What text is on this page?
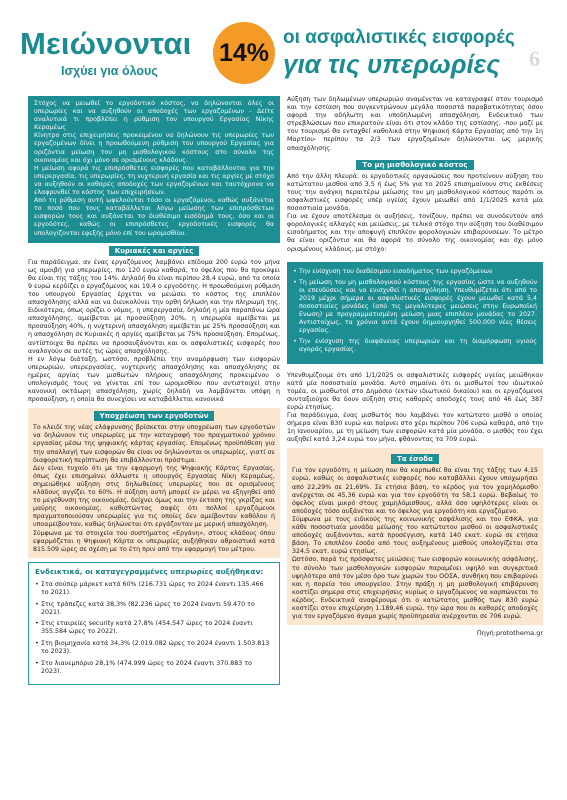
Μειώνονται
Ισχύει για όλους
14%
οι ασφαλιστικές εισφορές
για τις υπερωρίες 6

Στόχος να μειωθεί το εργοδοτικό κόστος, να δηλώνονται όλες οι υπερωρίες και να αυξηθούν οι αποδοχές των εργαζομένων - Δείτε αναλυτικά τι προβλέπει η ρύθμιση του υπουργού Εργασίας Νίκης Κεραμέως

Κίνητρο στις επιχειρήσεις προκειμένου να δηλώνουν τις υπερωρίες των εργαζομένων δίνει η προωθούμενη ρύθμιση του υπουργού Εργασίας για οριζόντια μείωση του μη μισθολογικού κόστους στο σύνολο της οικονομίας και όχι μόνο σε ορισμένους κλάδους.

Η μείωση αφορά τις επιπρόσθετες εισφορές που καταβάλλονται για την υπερεργασία, τις υπερωρίες, τη νυχτερινή εργασία και τις αργίες με στόχο να αυξηθούν οι καθαρές αποδοχές των εργαζομένων και ταυτόχρονα να ελαφρυνθεί το κόστος των επιχειρήσεων.

Από τη ρύθμιση αυτή ωφελούνται τόσο οι εργαζόμενοι, καθώς αυξάνεται το ποσό που τους καταβάλλεται λόγω μείωσης των επιπρόσθετων εισφορών τους και αυξάνεται το διαθέσιμο εισόδημά τους, όσο και οι εργοδότες, καθώς οι επιπρόσθετες εργοδοτικές εισφορές θα υπολογίζονται εφεξής μόνο επί του ωρομισθίου.

Κυριακές και αργίες

Για παράδειγμα, αν ένας εργαζόμενος λαμβάνει επίδομα 200 ευρώ τον μήνα ως αμοιβή για υπερωρίες, πιο 120 ευρώ καθαρά, το όφελος που θα προκύψει θα είναι της τάξης του 14%. Δηλαδή θα είναι περίπου 28,4 ευρώ, από τα οποία 9 ευρώ κερδίζει ο εργαζόμενος και 19,4 ο εργοδότης. Η προωθούμενη ρύθμιση του υπουργού Εργασίας έρχεται να μειώσει το κόστος της επιπλέον απασχόλησης αλλά και να διευκολύνει την ορθή δήλωση και την πληρωμή της. Ειδικότερα, όπως ορίζει ο νόμος, η υπερεργασία, δηλαδή η μία παραπάνω ώρα απασχόλησης, αμείβεται με προσαύξηση 20%, η υπερωρία αμείβεται με προσαύξηση 40%, η νυχτερινή απασχόληση αμείβεται με 25% προσαύξηση και η απασχόληση σε Κυριακές ή αργίες αμείβεται με 75% προσαύξηση. Επομένως, αντίστοιχα θα πρέπει να προσαυξάνονται και οι ασφαλιστικές εισφορές που αναλογούν σε αυτές τις ώρες απασχόλησης.

Η εν λόγω διάταξη, ωστόσο, προβλέπει την αναμόρφωση των εισφορών υπερωριών, υπερεργασίας, νυχτερινής απασχόλησης και απασχόλησης σε ημέρες αργίας των μισθωτών πλήρους απασχόλησης προκειμένου ο υπολογισμός τους να γίνεται επί του ωρομισθίου που αντιστοιχεί στην κανονική οκτάωρη απασχόληση, χωρίς δηλαδή να λαμβάνεται υπόψη η προσαύξηση, η οποία θα συνεχίσει να καταβάλλεται κανονικά

Υποχρέωση των εργοδοτών

Το κλειδί της νέας ελάφρυνσης βρίσκεται στην υποχρέωση των εργοδοτών να δηλώνουν τις υπερωρίες με την καταγραφή του πραγματικού χρόνου εργασίας μέσω της ψηφιακής κάρτας εργασίας. Επομένως προϋπόθεση για την απαλλαγή των εισφορών θα είναι να δηλώνονται οι υπερωρίες, γιατί σε διαφορετική περίπτωση θα επιβάλλονται πρόστιμα.

Δεν είναι τυχαίο ότι με την εφαρμογή της Ψηφιακής Κάρτας Εργασίας, όπως έχει επισημάνει άλλωστε η υπουργός Εργασίας Νίκη Κεραμέως, σημειώθηκε αύξηση στις δηλωθείσες υπερωρίες που σε ορισμένους κλάδους αγγίζει το 60%. Η αύξηση αυτή μπορεί εν μέρει να εξηγηθεί από το μεγέθυνση της οικονομίας, δείχνει όμως και την έκταση της γκρίζας και μαύρης οικονομίας, καθιστώντας σαφές ότι πολλοί εργαζόμενοι πραγματοποιούσαν υπερωρίες για τις οποίες δεν αμείβονταν καθόλου ή υποαμείβονταν, καθώς δηλώνεται ότι εργάζονταν με μερική απασχόληση.

Σύμφωνα με τα στοιχεία του συστήματος «Εργάνη», στους κλάδους όπου εφαρμόζεται η Ψηφιακή Κάρτα οι υπερωρίες αυξήθηκαν αθροιστικά κατά 815.509 ώρες σε σχέση με το έτη πριν από την εφαρμογή του μέτρου.

Ενδεικτικά, οι καταγεγραμμένες υπερωρίες αυξήθηκαν:
• Στα σούπερ μάρκετ κατά 60% (216.731 ώρες το 2024 έναντι 135.466 το 2021).
• Στις τράπεζες κατά 38,3% (82.236 ώρες το 2024 έναντι 59.470 το 2021).
• Στις εταιρείες security κατά 27,8% (454.547 ώρες το 2024 έναντι 355.584 ώρες το 2022).
• Στη βιομηχανία κατά 34,3% (2.019.082 ώρες το 2024 έναντι 1.503.813 το 2023).
• Στο λιανεμπόριο 28,1% (474.999 ώρες το 2024 έναντι 370.883 το 2023).

Αύξηση των δηλωμένων υπερωριών αναμένεται να καταγραφεί στον τουρισμό και την εστίαση που συγκεντρώνουν μεγάλα ποσοστά παραβατικότητας όσον αφορά την αδήλωτη και υποδηλωμένη απασχόληση. Ενδεικτικό των στρεβλώσεων που επικρατούν είναι ότι στον κλάδο της εστίασης, -που μαζί με τον τουρισμό θα ενταχθεί καθολικά στην Ψηφιακή Κάρτα Εργασίας από την 1η Μαρτίου- περίπου τα 2/3 των εργαζομένων δηλώνονται ως μερικής απασχόλησης.

Το μη μισθολογικό κόστος

Από την άλλη πλευρά, οι εργοδοτικές οργανώσεις που προτείνουν αύξηση του κατώτατου μισθού από 3,5 ή έως 5% για το 2025 επισημαίνουν στις εκθέσεις τους την ανάγκη περαιτέρω μείωσης του μη μισθολογικού κόστους παρότι οι ασφαλιστικές εισφορές υπέρ υγείας έχουν μειωθεί από 1/1/2025 κατά μία ποσοστιαία μονάδα.

Για να έχουν αποτέλεσμα οι αυξήσεις, τονίζουν, πρέπει να συνοδευτούν από φορολογικές αλλαγές και μειώσεις, με τελικό στόχο την αύξηση του διαθέσιμου εισοδήματος και την αποφυγή επιπλέον φορολογικών επιβαρύνσεων. Το μέτρο θα είναι οριζόντιο και θα αφορά το σύνολο της οικονομίας και όχι μόνο ορισμένους κλάδους, με στόχο:

• Την ενίσχυση του διαθέσιμου εισοδήματος των εργαζόμενων
• Τη μείωση του μη μισθολογικού κόστους της εργασίας ώστε να αυξηθούν οι επενδύσεις και να ενισχυθεί η απασχόληση. Υπενθυμίζεται ότι από το 2019 μέχρι σήμερα οι ασφαλιστικές εισφορές έχουν μειωθεί κατά 5,4 ποσοστιαίες μονάδες (από τις μεγαλύτερες μειώσεις στην Ευρωπαϊκή Ενωση) με προγραμματισμένη μείωση μιας επιπλέον μονάδας το 2027. Αντιστοίχως, τα χρόνια αυτά έχουν δημιουργηθεί 500.000 νέες θέσεις εργασίας.
• Την ενίσχυση της διαφάνειας υπερωριών και τη διαμόρφωση υγιούς αγοράς εργασίας.

Υπενθυμίζουμε ότι από 1/1/2025 οι ασφαλιστικές εισφορές υγείας μειώθηκαν κατά μία ποσοστιαία μονάδα. Αυτό σημαίνει ότι οι μισθωτοί του ιδιωτικού τομέα, οι μισθωτοί στο Δημόσιο (εκτών ιδιωτικού δικαίου) και οι εργαζόμενοι συνταξιούχοι θα δουν αύξηση στις καθαρές αποδοχές τους από 46 έως 387 ευρώ ετησίως.

Για παράδειγμα, ένας μισθωτός που λαμβάνει τον κατώτατο μισθό ο οποίος σήμερα είναι 830 ευρώ και παίρνει στο χέρι περίπου 706 ευρώ καθαρά, από την 1η Ιανουαρίου, με τη μείωση των εισφορών κατά μία μονάδα, ο μισθός του έχει αυξηθεί κατά 3,24 ευρώ τον μήνα, φθάνοντας τα 709 ευρώ.

Τα έσοδα

Για τον εργοδότη, η μείωση που θα καρπωθεί θα είναι της τάξης των 4,15 ευρώ, καθώς οι ασφαλιστικές εισφορές που καταβάλλει έχουν υποχωρήσει από 22,29% σε 21,69%. Σε ετήσια βάση, το κέρδος για τον χαμηλόμισθο ανέρχεται σε 45,36 ευρώ και για τον εργοδότη τα 58,1 ευρώ. Βεβαίως το όφελος είναι μικρό στους χαμηλόμισθους, αλλά όσο υψηλότερες είναι οι αποδοχές τόσο αυξάνεται και το όφελος για εργοδότη και εργαζόμενο.

Σύμφωνα με τους ειδικούς της κοινωνικής ασφάλισης και του ΕΦΚΑ, για κάθε ποσοστιαία μονάδα μείωσης του κατώτατου μισθού οι ασφαλιστικές αποδοχές αυξάνονται, κατά προσέγγιση, κατά 140 εκατ. ευρώ σε ετήσια βάση. Το επιπλέον έσοδο από τους αυξημένους μισθούς υπολογίζεται στα 324,5 εκατ. ευρώ ετησίως.

Ωστόσο, παρά τις πρόσφατες μειώσεις των εισφορών κοινωνικής ασφάλισης, το σύνολο των μισθολογικών εισφορών παραμένει υψηλό και συγκριτικά υψηλότερο από τον μέσο όρο των χωρών του ΟΟΣΑ, συνθήκη που επιβαρύνει και η πορεία του υπουργείου. Στην πράξη η μη μισθολογική επιβάρυνση κοστίζει σημερα στις επιχειρήσεις κυρίως ο εργαζόμενος να καρπώνεται το κέρδος. Ενδεικτικά αναφέρουμε ότι ο κατώτατος μισθός των 830 ευρώ κοστίζει στον επιχείρηση 1.189,46 ευρώ, την ώρα που οι καθαρές αποδοχές για τον εργαζόμενο άγαμο χωρίς προϋπηρεσία ανέρχονται σε 706 ευρώ.

Πηγή:protothema.gr
